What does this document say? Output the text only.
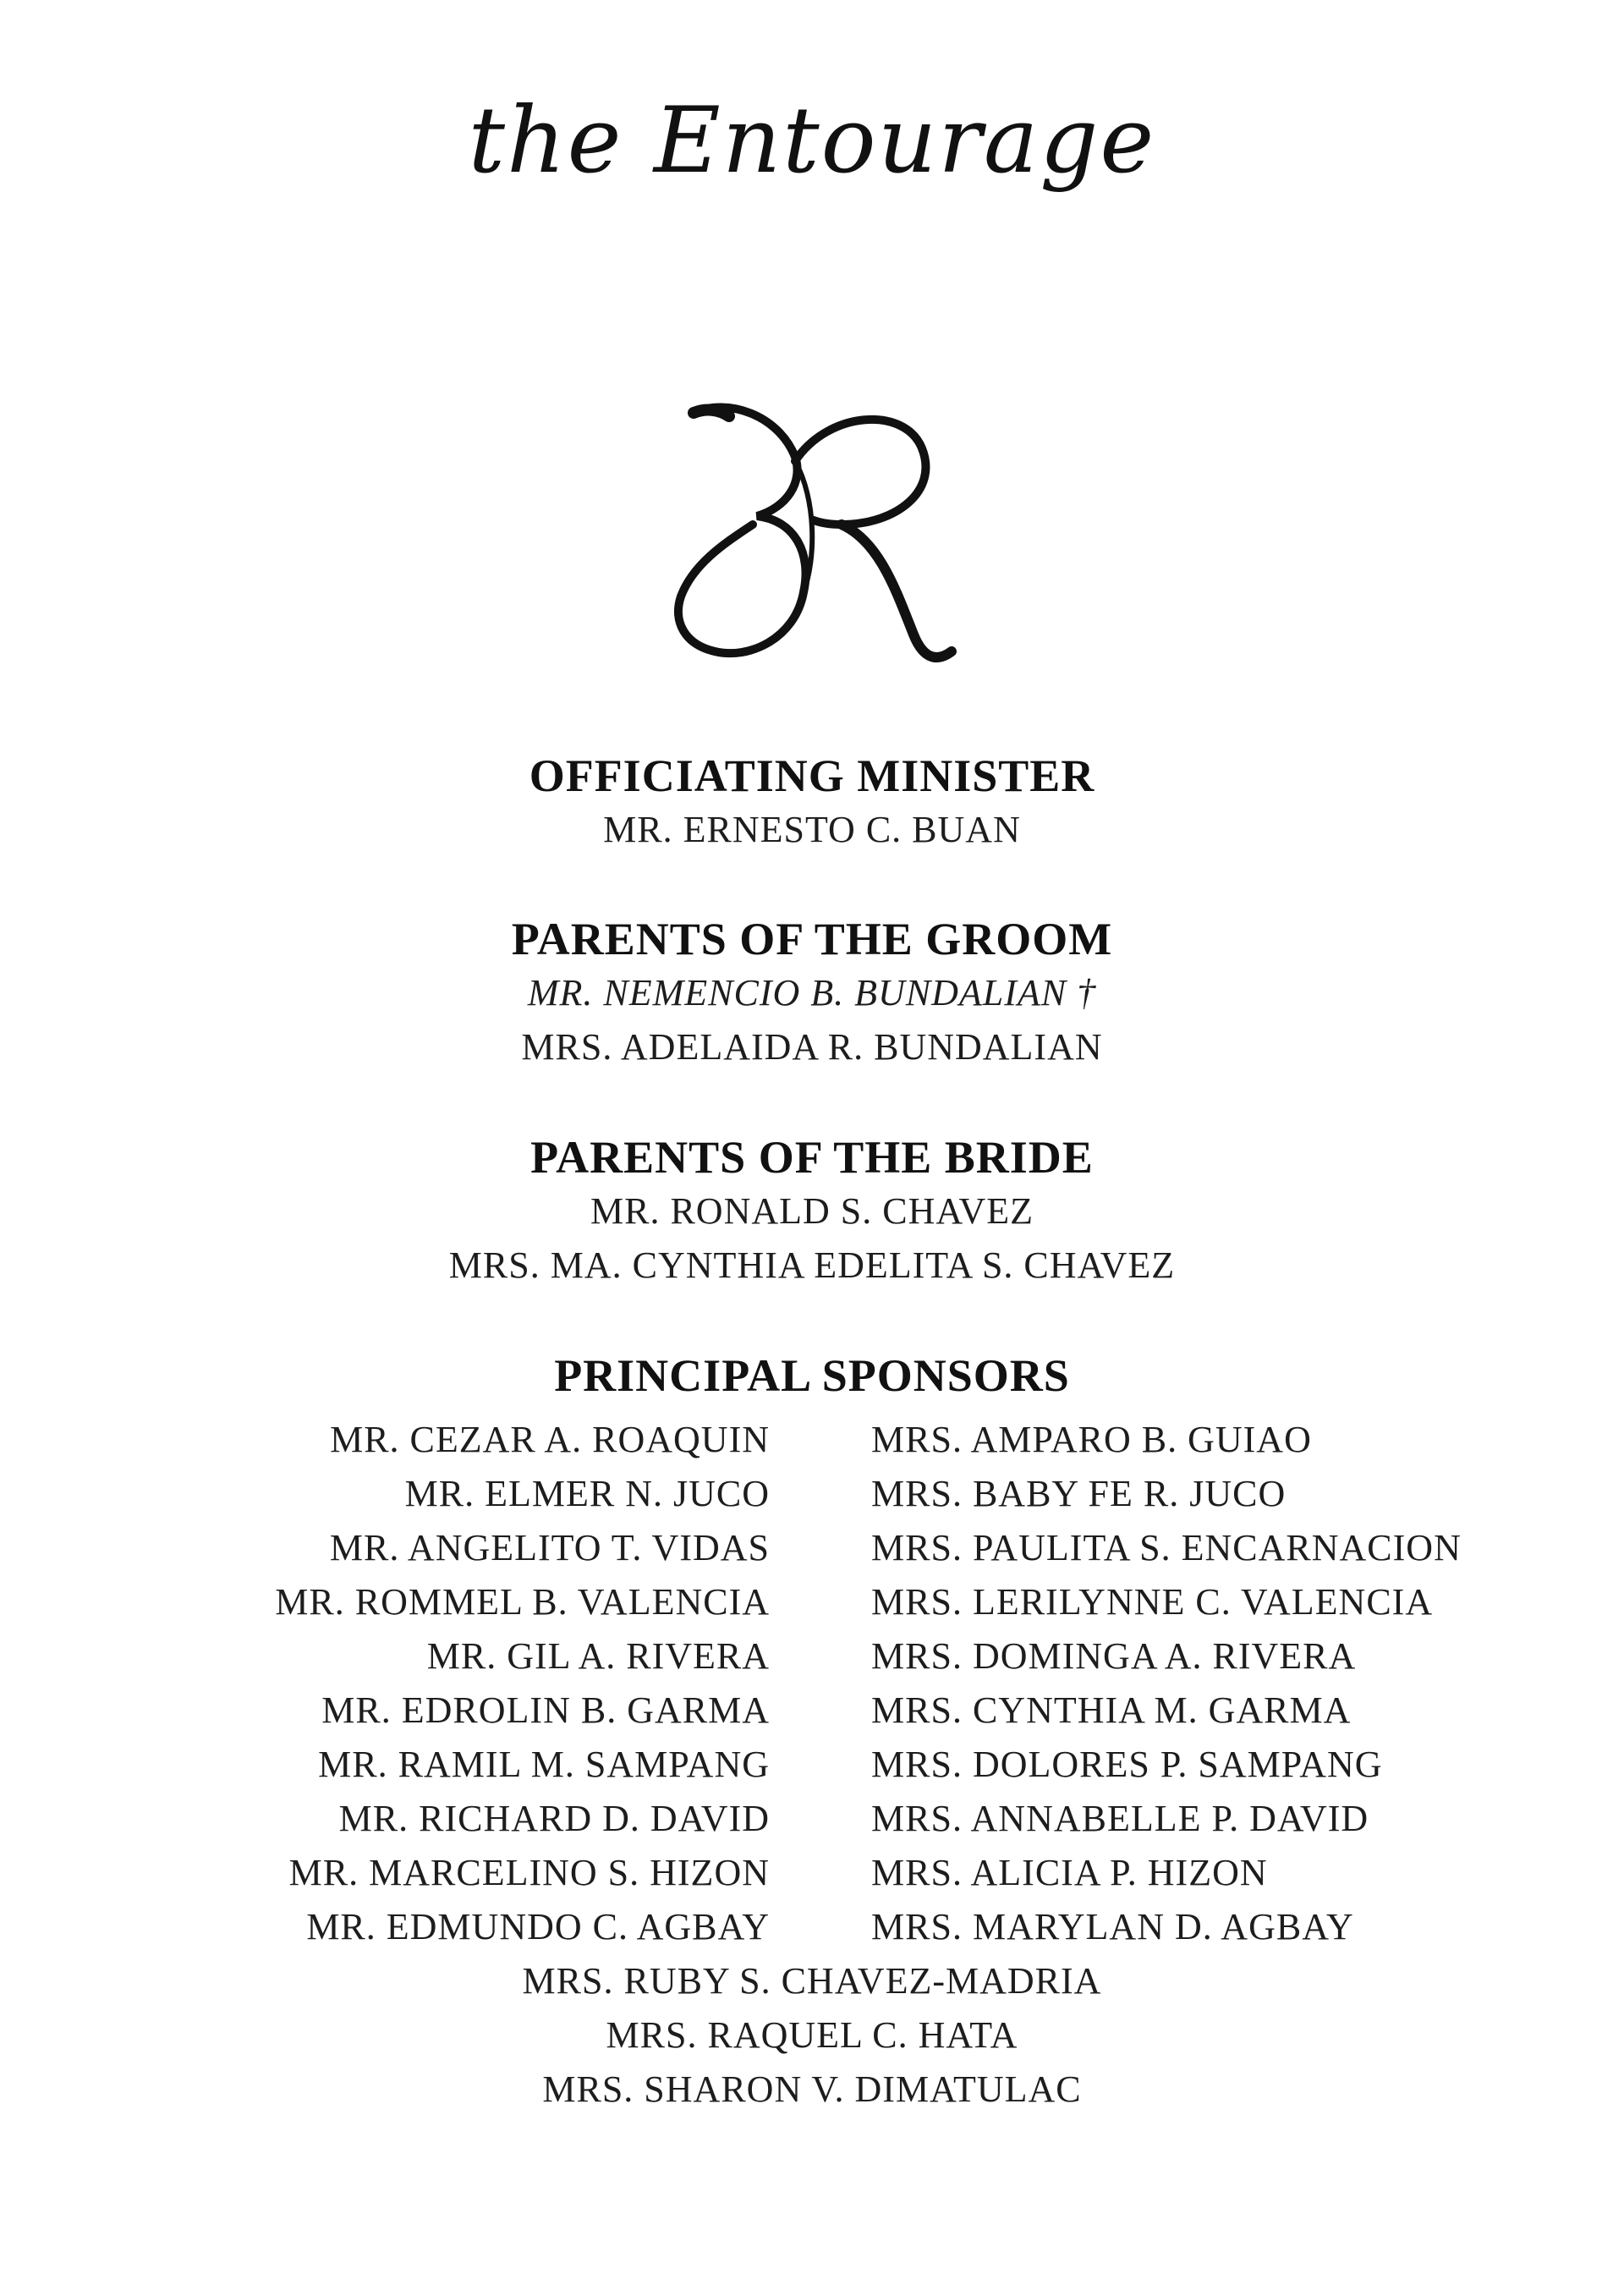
the Entourage
OFFICIATING MINISTER
MR. ERNESTO C. BUAN
PARENTS OF THE GROOM
MR. NEMENCIO B. BUNDALIAN †
MRS. ADELAIDA R. BUNDALIAN
PARENTS OF THE BRIDE
MR. RONALD S. CHAVEZ
MRS. MA. CYNTHIA EDELITA S. CHAVEZ
PRINCIPAL SPONSORS
MR. CEZAR A. ROAQUIN
MR. ELMER N. JUCO
MR. ANGELITO T. VIDAS
MR. ROMMEL B. VALENCIA
MR. GIL A. RIVERA
MR. EDROLIN B. GARMA
MR. RAMIL M. SAMPANG
MR. RICHARD D. DAVID
MR. MARCELINO S. HIZON
MR. EDMUNDO C. AGBAY
MRS. AMPARO B. GUIAO
MRS. BABY FE R. JUCO
MRS. PAULITA S. ENCARNACION
MRS. LERILYNNE C. VALENCIA
MRS. DOMINGA A. RIVERA
MRS. CYNTHIA M. GARMA
MRS. DOLORES P. SAMPANG
MRS. ANNABELLE P. DAVID
MRS. ALICIA P. HIZON
MRS. MARYLAN D. AGBAY
MRS. RUBY S. CHAVEZ-MADRIA
MRS. RAQUEL C. HATA
MRS. SHARON V. DIMATULAC
